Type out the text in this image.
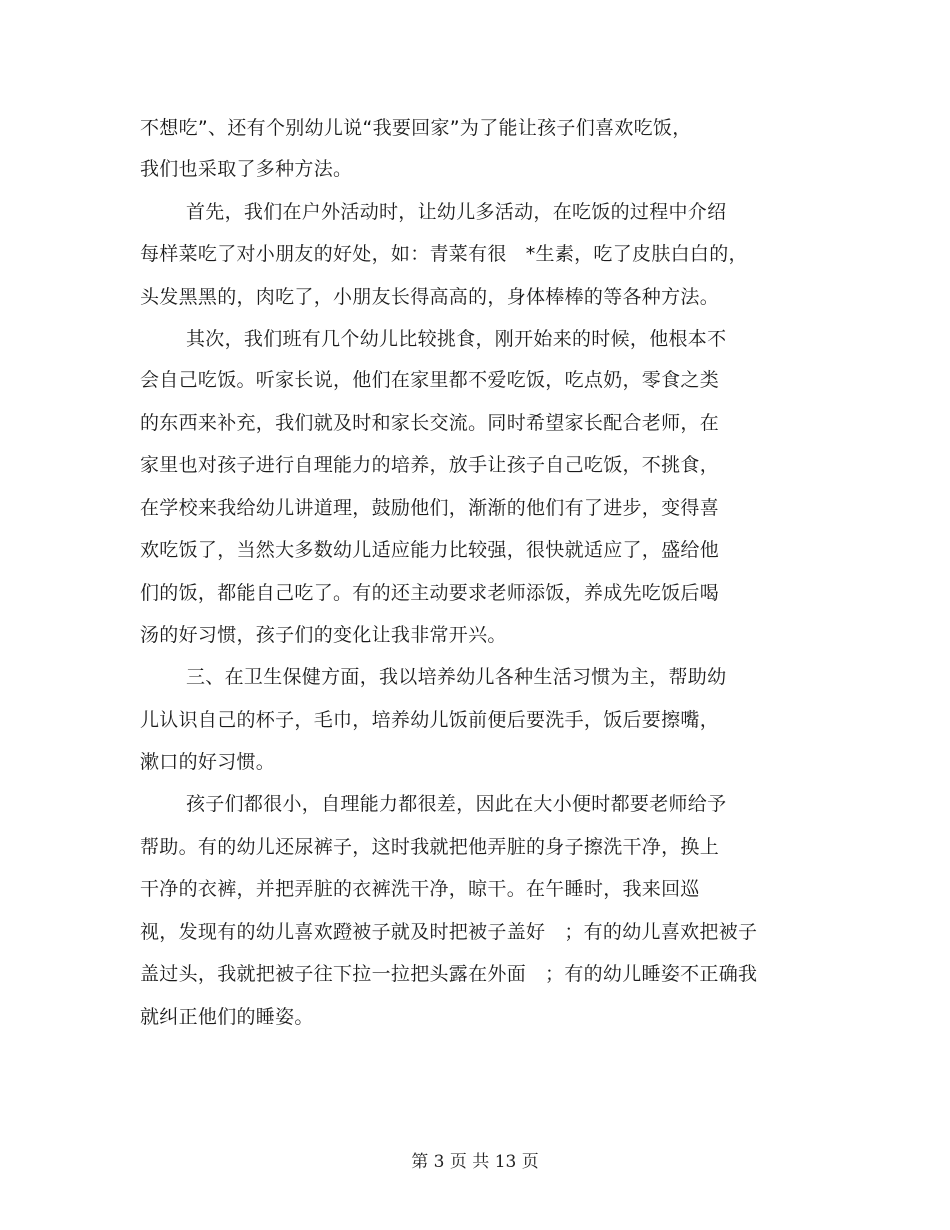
不想吃”、还有个别幼儿说“我要回家”为了能让孩子们喜欢吃饭，
我们也采取了多种方法。
首先，我们在户外活动时，让幼儿多活动，在吃饭的过程中介绍
每样菜吃了对小朋友的好处，如：青菜有很   *生素，吃了皮肤白白的，
头发黑黑的，肉吃了，小朋友长得高高的，身体棒棒的等各种方法。
其次，我们班有几个幼儿比较挑食，刚开始来的时候，他根本不
会自己吃饭。听家长说，他们在家里都不爱吃饭，吃点奶，零食之类
的东西来补充，我们就及时和家长交流。同时希望家长配合老师，在
家里也对孩子进行自理能力的培养，放手让孩子自己吃饭，不挑食，
在学校来我给幼儿讲道理，鼓励他们，渐渐的他们有了进步，变得喜
欢吃饭了，当然大多数幼儿适应能力比较强，很快就适应了，盛给他
们的饭，都能自己吃了。有的还主动要求老师添饭，养成先吃饭后喝
汤的好习惯，孩子们的变化让我非常开兴。
三、在卫生保健方面，我以培养幼儿各种生活习惯为主，帮助幼
儿认识自己的杯子，毛巾，培养幼儿饭前便后要洗手，饭后要擦嘴，
漱口的好习惯。
孩子们都很小，自理能力都很差，因此在大小便时都要老师给予
帮助。有的幼儿还尿裤子，这时我就把他弄脏的身子擦洗干净，换上
干净的衣裤，并把弄脏的衣裤洗干净，晾干。在午睡时，我来回巡
视，发现有的幼儿喜欢蹬被子就及时把被子盖好   ；有的幼儿喜欢把被子
盖过头，我就把被子往下拉一拉把头露在外面   ；有的幼儿睡姿不正确我
就纠正他们的睡姿。
第 3 页 共 13 页
